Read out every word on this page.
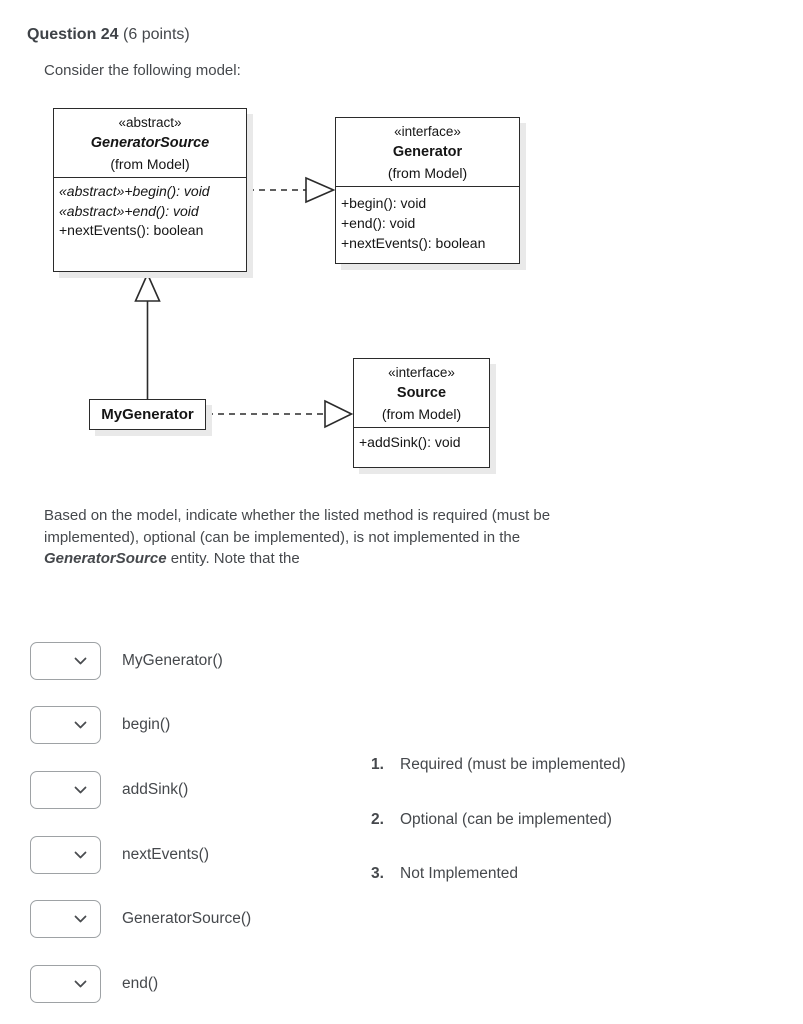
Question 24 (6 points)
Consider the following model:
«abstract»
GeneratorSource
(from Model)
«abstract»+begin(): void
«abstract»+end(): void
+nextEvents(): boolean
«interface»
Generator
(from Model)
+begin(): void
+end(): void
+nextEvents(): boolean
MyGenerator
«interface»
Source
(from Model)
+addSink(): void
Based on the model, indicate whether the listed method is required (must be
implemented), optional (can be implemented), is not implemented in the
GeneratorSource entity. Note that the
MyGenerator()
begin()
addSink()
nextEvents()
GeneratorSource()
end()
1.	Required (must be implemented)
2.	Optional (can be implemented)
3.	Not Implemented
